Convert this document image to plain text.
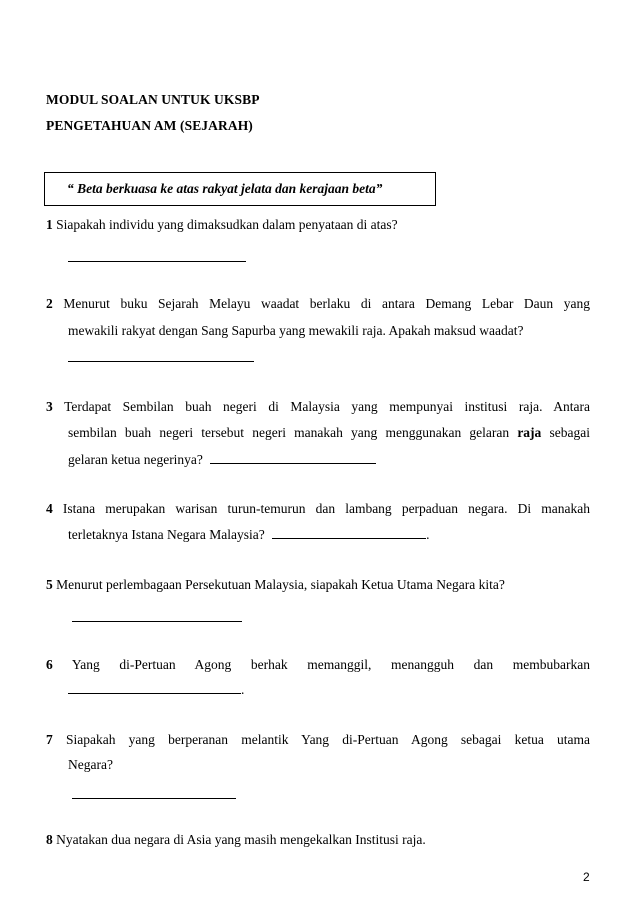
MODUL SOALAN UNTUK UKSBP
PENGETAHUAN AM (SEJARAH)
“ Beta berkuasa ke atas rakyat jelata dan kerajaan beta”
1 Siapakah individu yang dimaksudkan dalam penyataan di atas?
2 Menurut buku Sejarah Melayu waadat berlaku di antara Demang Lebar Daun yang
mewakili rakyat dengan Sang Sapurba yang mewakili raja. Apakah maksud waadat?
3 Terdapat Sembilan buah negeri di Malaysia yang mempunyai institusi raja. Antara
sembilan buah negeri tersebut negeri manakah yang menggunakan gelaran raja sebagai
gelaran ketua negerinya?
4 Istana merupakan warisan turun-temurun dan lambang perpaduan negara. Di manakah
terletaknya Istana Negara Malaysia?	.
5 Menurut perlembagaan Persekutuan Malaysia, siapakah Ketua Utama Negara kita?
6 Yang di-Pertuan Agong berhak memanggil, menangguh dan membubarkan
.
7 Siapakah yang berperanan melantik Yang di-Pertuan Agong sebagai ketua utama
Negara?
8 Nyatakan dua negara di Asia yang masih mengekalkan Institusi raja.
2
